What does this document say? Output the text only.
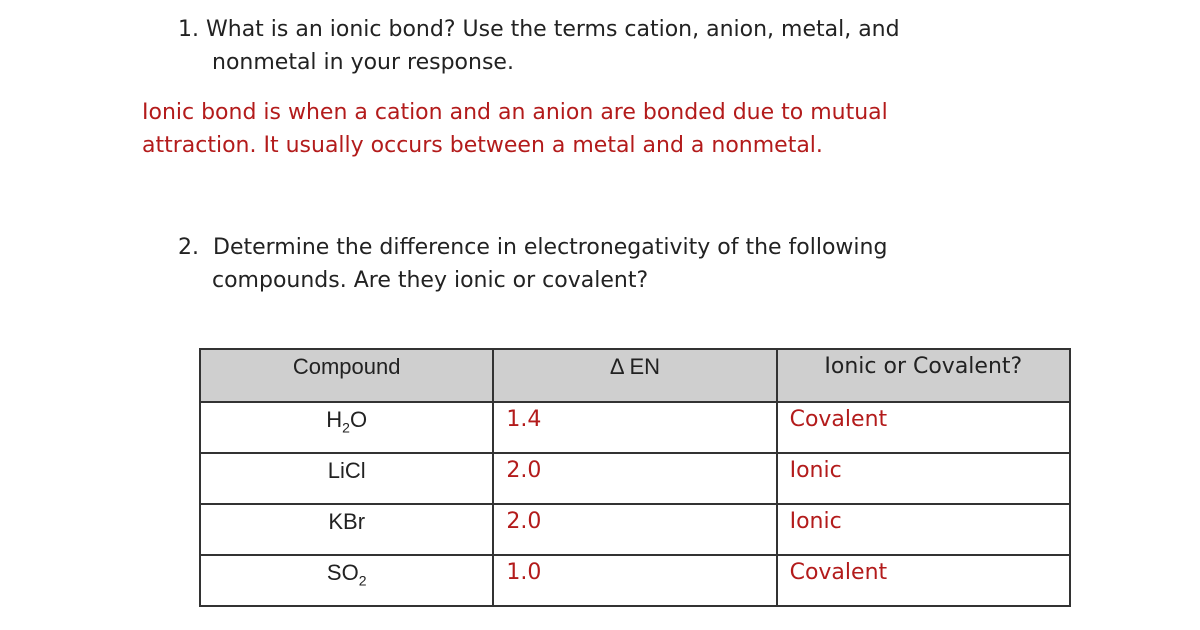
1. What is an ionic bond? Use the terms cation, anion, metal, and
nonmetal in your response.
Ionic bond is when a cation and an anion are bonded due to mutual
attraction. It usually occurs between a metal and a nonmetal.
2. Determine the difference in electronegativity of the following
compounds. Are they ionic or covalent?
Compound	Δ EN	Ionic or Covalent?

$H_2O$	1.4	Covalent

LiCl	2.0	Ionic

KBr	2.0	Ionic

$SO_2$	1.0	Covalent
